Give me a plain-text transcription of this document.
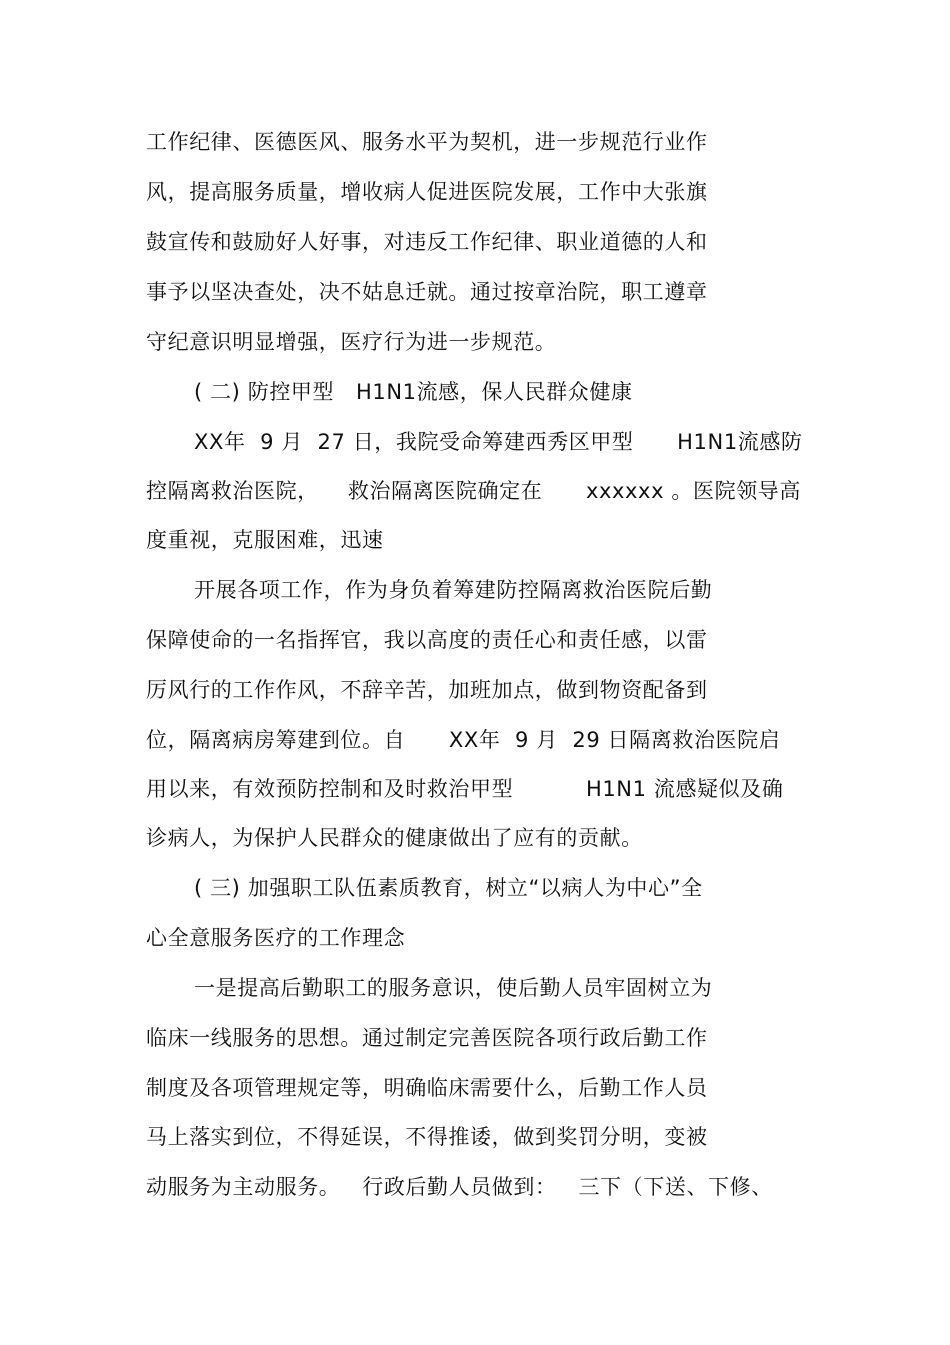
工作纪律、医德医风、服务水平为契机，进一步规范行业作
风，提高服务质量，增收病人促进医院发展，工作中大张旗
鼓宣传和鼓励好人好事，对违反工作纪律、职业道德的人和
事予以坚决查处，决不姑息迁就。通过按章治院，职工遵章
守纪意识明显增强，医疗行为进一步规范。
( 二) 防控甲型   H1N1流感，保人民群众健康
XX年  9 月  27 日，我院受命筹建西秀区甲型      H1N1流感防
控隔离救治医院，    救治隔离医院确定在      xxxxxx 。医院领导高
度重视，克服困难，迅速
开展各项工作，作为身负着筹建防控隔离救治医院后勤
保障使命的一名指挥官，我以高度的责任心和责任感，以雷
厉风行的工作作风，不辞辛苦，加班加点，做到物资配备到
位，隔离病房筹建到位。自      XX年  9 月  29 日隔离救治医院启
用以来，有效预防控制和及时救治甲型          H1N1 流感疑似及确
诊病人，为保护人民群众的健康做出了应有的贡献。
( 三) 加强职工队伍素质教育，树立“以病人为中心”全
心全意服务医疗的工作理念
一是提高后勤职工的服务意识，使后勤人员牢固树立为
临床一线服务的思想。通过制定完善医院各项行政后勤工作
制度及各项管理规定等，明确临床需要什么，后勤工作人员
马上落实到位，不得延误，不得推诿，做到奖罚分明，变被
动服务为主动服务。   行政后勤人员做到：   三下（下送、下修、
